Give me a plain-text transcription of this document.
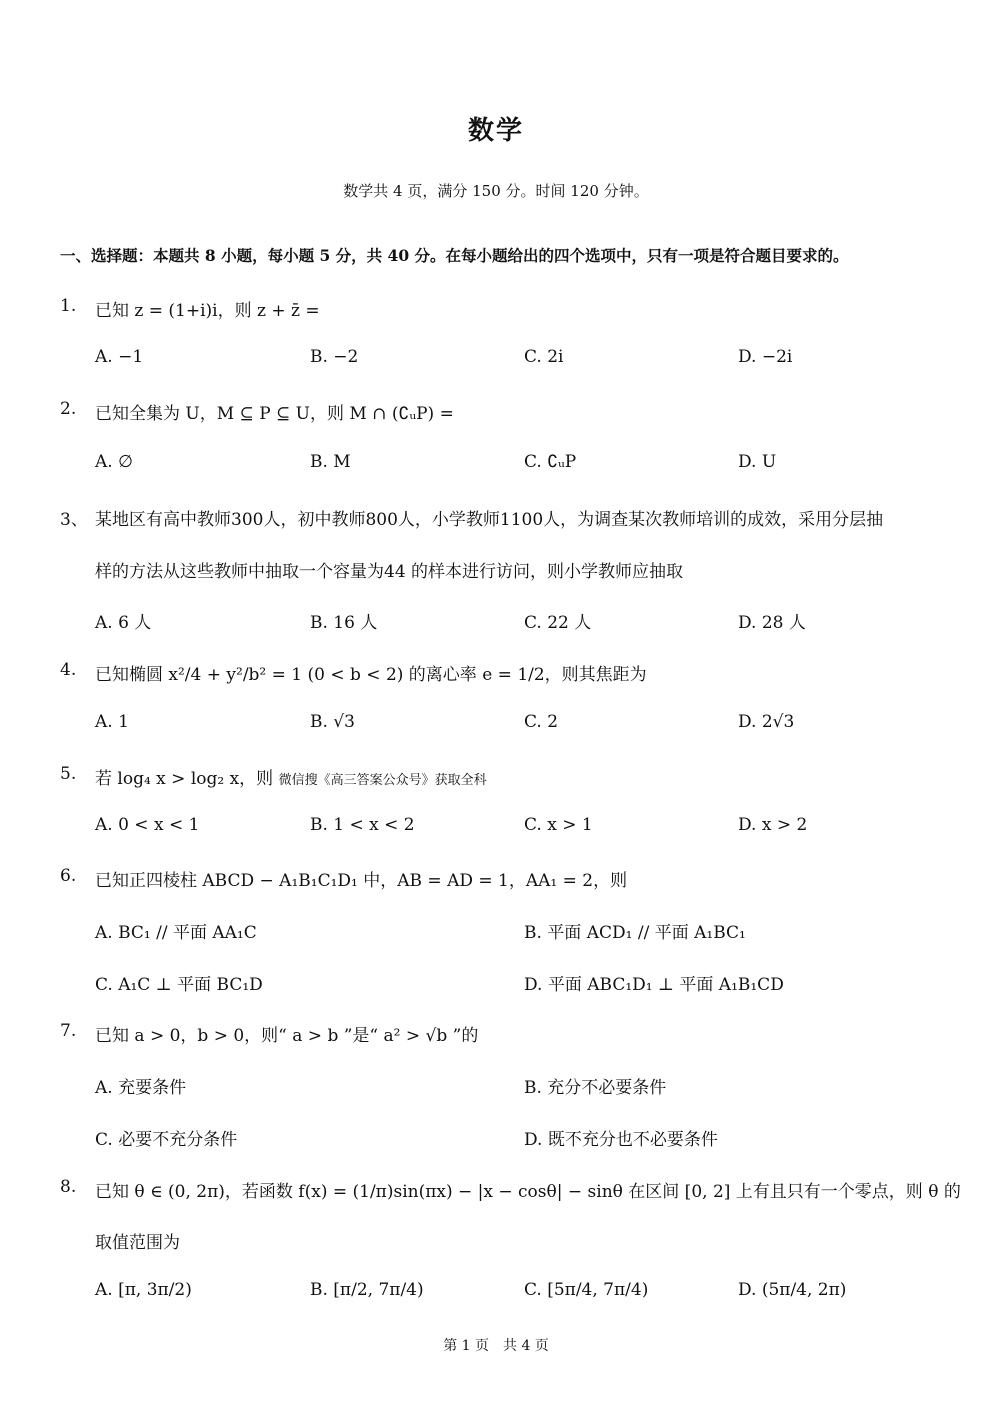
数学
数学共 4 页，满分 150 分。时间 120 分钟。
一、选择题：本题共 8 小题，每小题 5 分，共 40 分。在每小题给出的四个选项中，只有一项是符合题目要求的。
1.	已知 z = (1+i)i，则 z + z̄ =
A. −1	B. −2	C. 2i	D. −2i
2.	已知全集为 U，M ⊆ P ⊆ U，则 M ∩ (∁ᵤP) =
A. ∅	B. M	C. ∁ᵤP	D. U
3、 某地区有高中教师300人，初中教师800人，小学教师1100人，为调查某次教师培训的成效，采用分层抽
样的方法从这些教师中抽取一个容量为44 的样本进行访问，则小学教师应抽取
A. 6 人	B. 16 人	C. 22 人	D. 28 人
4.	已知椭圆 x²/4 + y²/b² = 1 (0 < b < 2) 的离心率 e = 1/2，则其焦距为
A. 1	B. √3	C. 2	D. 2√3
5.	若 log₄ x > log₂ x，则 微信搜《高三答案公众号》获取全科
A. 0 < x < 1	B. 1 < x < 2	C. x > 1	D. x > 2
6.	已知正四棱柱 ABCD − A₁B₁C₁D₁ 中，AB = AD = 1，AA₁ = 2，则
A. BC₁ // 平面 AA₁C	B. 平面 ACD₁ // 平面 A₁BC₁
C. A₁C ⊥ 平面 BC₁D	D. 平面 ABC₁D₁ ⊥ 平面 A₁B₁CD
7.	已知 a > 0，b > 0，则“ a > b ”是“ a² > √b ”的
A. 充要条件	B. 充分不必要条件
C. 必要不充分条件	D. 既不充分也不必要条件
8.	已知 θ ∈ (0, 2π)，若函数 f(x) = (1/π)sin(πx) − |x − cosθ| − sinθ 在区间 [0, 2] 上有且只有一个零点，则 θ 的
取值范围为
A. [π, 3π/2)	B. [π/2, 7π/4)	C. [5π/4, 7π/4)	D. (5π/4, 2π)
第 1 页　共 4 页
